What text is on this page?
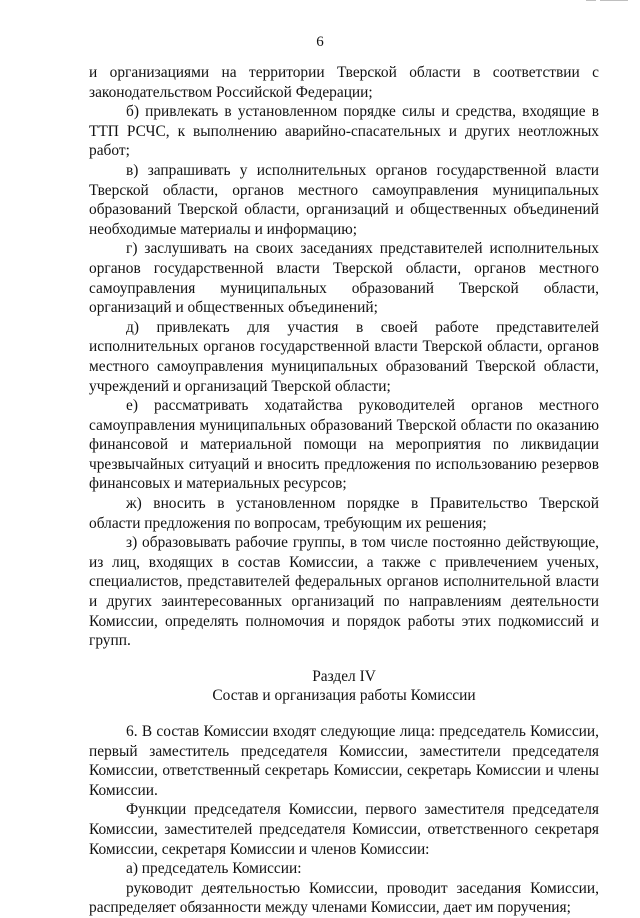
6

и организациями на территории Тверской области в соответствии с законодательством Российской Федерации;

б) привлекать в установленном порядке силы и средства, входящие в ТТП РСЧС, к выполнению аварийно-спасательных и других неотложных работ;

в) запрашивать у исполнительных органов государственной власти Тверской области, органов местного самоуправления муниципальных образований Тверской области, организаций и общественных объединений необходимые материалы и информацию;

г) заслушивать на своих заседаниях представителей исполнительных органов государственной власти Тверской области, органов местного самоуправления муниципальных образований Тверской области, организаций и общественных объединений;

д) привлекать для участия в своей работе представителей исполнительных органов государственной власти Тверской области, органов местного самоуправления муниципальных образований Тверской области, учреждений и организаций Тверской области;

е) рассматривать ходатайства руководителей органов местного самоуправления муниципальных образований Тверской области по оказанию финансовой и материальной помощи на мероприятия по ликвидации чрезвычайных ситуаций и вносить предложения по использованию резервов финансовых и материальных ресурсов;

ж) вносить в установленном порядке в Правительство Тверской области предложения по вопросам, требующим их решения;

з) образовывать рабочие группы, в том числе постоянно действующие, из лиц, входящих в состав Комиссии, а также с привлечением ученых, специалистов, представителей федеральных органов исполнительной власти и других заинтересованных организаций по направлениям деятельности Комиссии, определять полномочия и порядок работы этих подкомиссий и групп.

Раздел IV

Состав и организация работы Комиссии

6. В состав Комиссии входят следующие лица: председатель Комиссии, первый заместитель председателя Комиссии, заместители председателя Комиссии, ответственный секретарь Комиссии, секретарь Комиссии и члены Комиссии.

Функции председателя Комиссии, первого заместителя председателя Комиссии, заместителей председателя Комиссии, ответственного секретаря Комиссии, секретаря Комиссии и членов Комиссии:

а) председатель Комиссии:

руководит деятельностью Комиссии, проводит заседания Комиссии, распределяет обязанности между членами Комиссии, дает им поручения;
